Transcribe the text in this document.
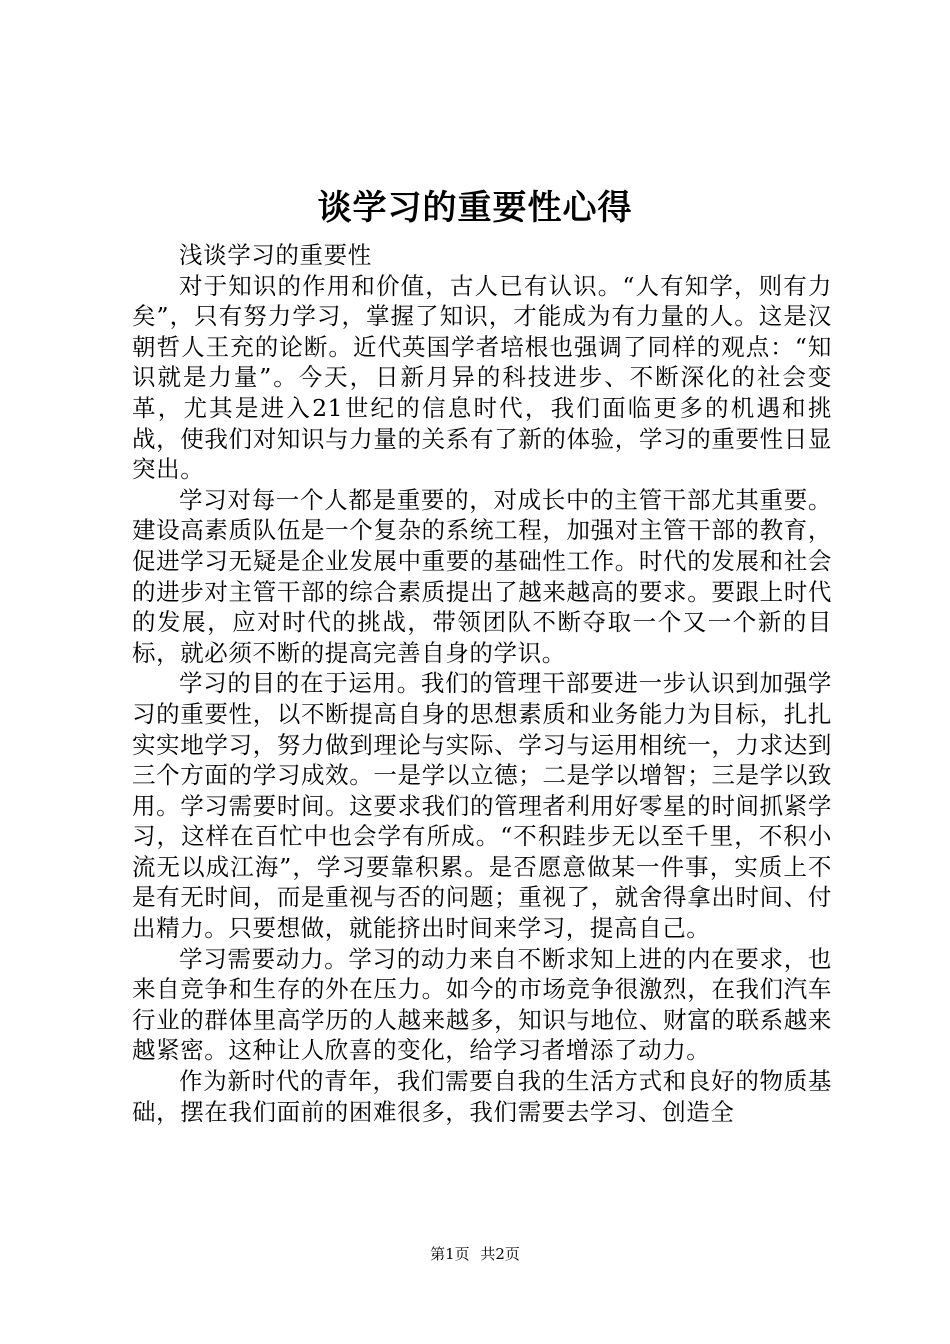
谈学习的重要性心得

浅谈学习的重要性

对于知识的作用和价值，古人已有认识。“人有知学，则有力矣”，只有努力学习，掌握了知识，才能成为有力量的人。这是汉朝哲人王充的论断。近代英国学者培根也强调了同样的观点：“知识就是力量”。今天，日新月异的科技进步、不断深化的社会变革，尤其是进入21世纪的信息时代，我们面临更多的机遇和挑战，使我们对知识与力量的关系有了新的体验，学习的重要性日显突出。

学习对每一个人都是重要的，对成长中的主管干部尤其重要。建设高素质队伍是一个复杂的系统工程，加强对主管干部的教育，促进学习无疑是企业发展中重要的基础性工作。时代的发展和社会的进步对主管干部的综合素质提出了越来越高的要求。要跟上时代的发展，应对时代的挑战，带领团队不断夺取一个又一个新的目标，就必须不断的提高完善自身的学识。

学习的目的在于运用。我们的管理干部要进一步认识到加强学习的重要性，以不断提高自身的思想素质和业务能力为目标，扎扎实实地学习，努力做到理论与实际、学习与运用相统一，力求达到三个方面的学习成效。一是学以立德；二是学以增智；三是学以致用。学习需要时间。这要求我们的管理者利用好零星的时间抓紧学习，这样在百忙中也会学有所成。“不积跬步无以至千里，不积小流无以成江海”，学习要靠积累。是否愿意做某一件事，实质上不是有无时间，而是重视与否的问题；重视了，就舍得拿出时间、付出精力。只要想做，就能挤出时间来学习，提高自己。

学习需要动力。学习的动力来自不断求知上进的内在要求，也来自竞争和生存的外在压力。如今的市场竞争很激烈，在我们汽车行业的群体里高学历的人越来越多，知识与地位、财富的联系越来越紧密。这种让人欣喜的变化，给学习者增添了动力。

作为新时代的青年，我们需要自我的生活方式和良好的物质基础，摆在我们面前的困难很多，我们需要去学习、创造全

第1页 共2页
